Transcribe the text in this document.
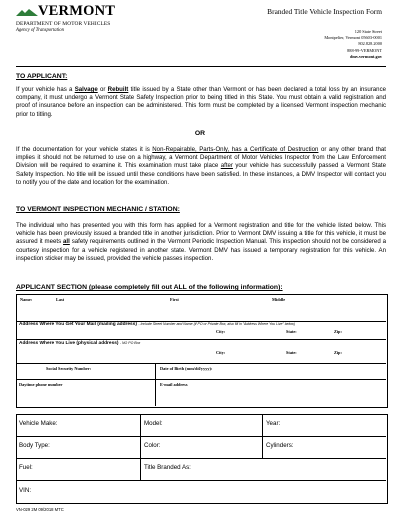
VERMONT
DEPARTMENT OF MOTOR VEHICLES
Agency of Transportation
Branded Title Vehicle Inspection Form
120 State Street
Montpelier, Vermont 05603-0001
802.828.2000
888-99-VERMONT
dmv.vermont.gov
TO APPLICANT:
If your vehicle has a Salvage or Rebuilt title issued by a State other than Vermont or has been declared a total loss by an insurance company, it must undergo a Vermont State Safety Inspection prior to being titled in this State. You must obtain a valid registration and proof of insurance before an inspection can be administered. This form must be completed by a licensed Vermont inspection mechanic prior to titling.
OR
If the documentation for your vehicle states it is Non-Repairable, Parts-Only, has a Certificate of Destruction or any other brand that implies it should not be returned to use on a highway, a Vermont Department of Motor Vehicles Inspector from the Law Enforcement Division will be required to examine it. This examination must take place after your vehicle has successfully passed a Vermont State Safety Inspection. No title will be issued until these conditions have been satisfied. In these instances, a DMV Inspector will contact you to notify you of the date and location for the examination.
TO VERMONT INSPECTION MECHANIC / STATION:
The individual who has presented you with this form has applied for a Vermont registration and title for the vehicle listed below. This vehicle has been previously issued a branded title in another jurisdiction. Prior to Vermont DMV issuing a title for this vehicle, it must be assured it meets all safety requirements outlined in the Vermont Periodic Inspection Manual. This inspection should not be considered a courtesy inspection for a vehicle registered in another state. Vermont DMV has issued a temporary registration for this vehicle. An inspection sticker may be issued, provided the vehicle passes inspection.
APPLICANT SECTION (please completely fill out ALL of the following information):
Name:	Last	First	Middle
Address Where You Get Your Mail (mailing address) - Include Street Number and Name (if PO or Private Box, also fill in "Address Where You Live" below)
City:	State:	Zip:
Address Where You Live (physical address) - NO PO Box
City:	State:	Zip:
Social Security Number:	Date of Birth (mm/dd/yyyy):
Daytime phone number	E-mail address
Vehicle Make:	Model:	Year:
Body Type:	Color:	Cylinders:
Fuel:	Title Branded As:
VIN:
VN-029 2M 09/2018 MTC
